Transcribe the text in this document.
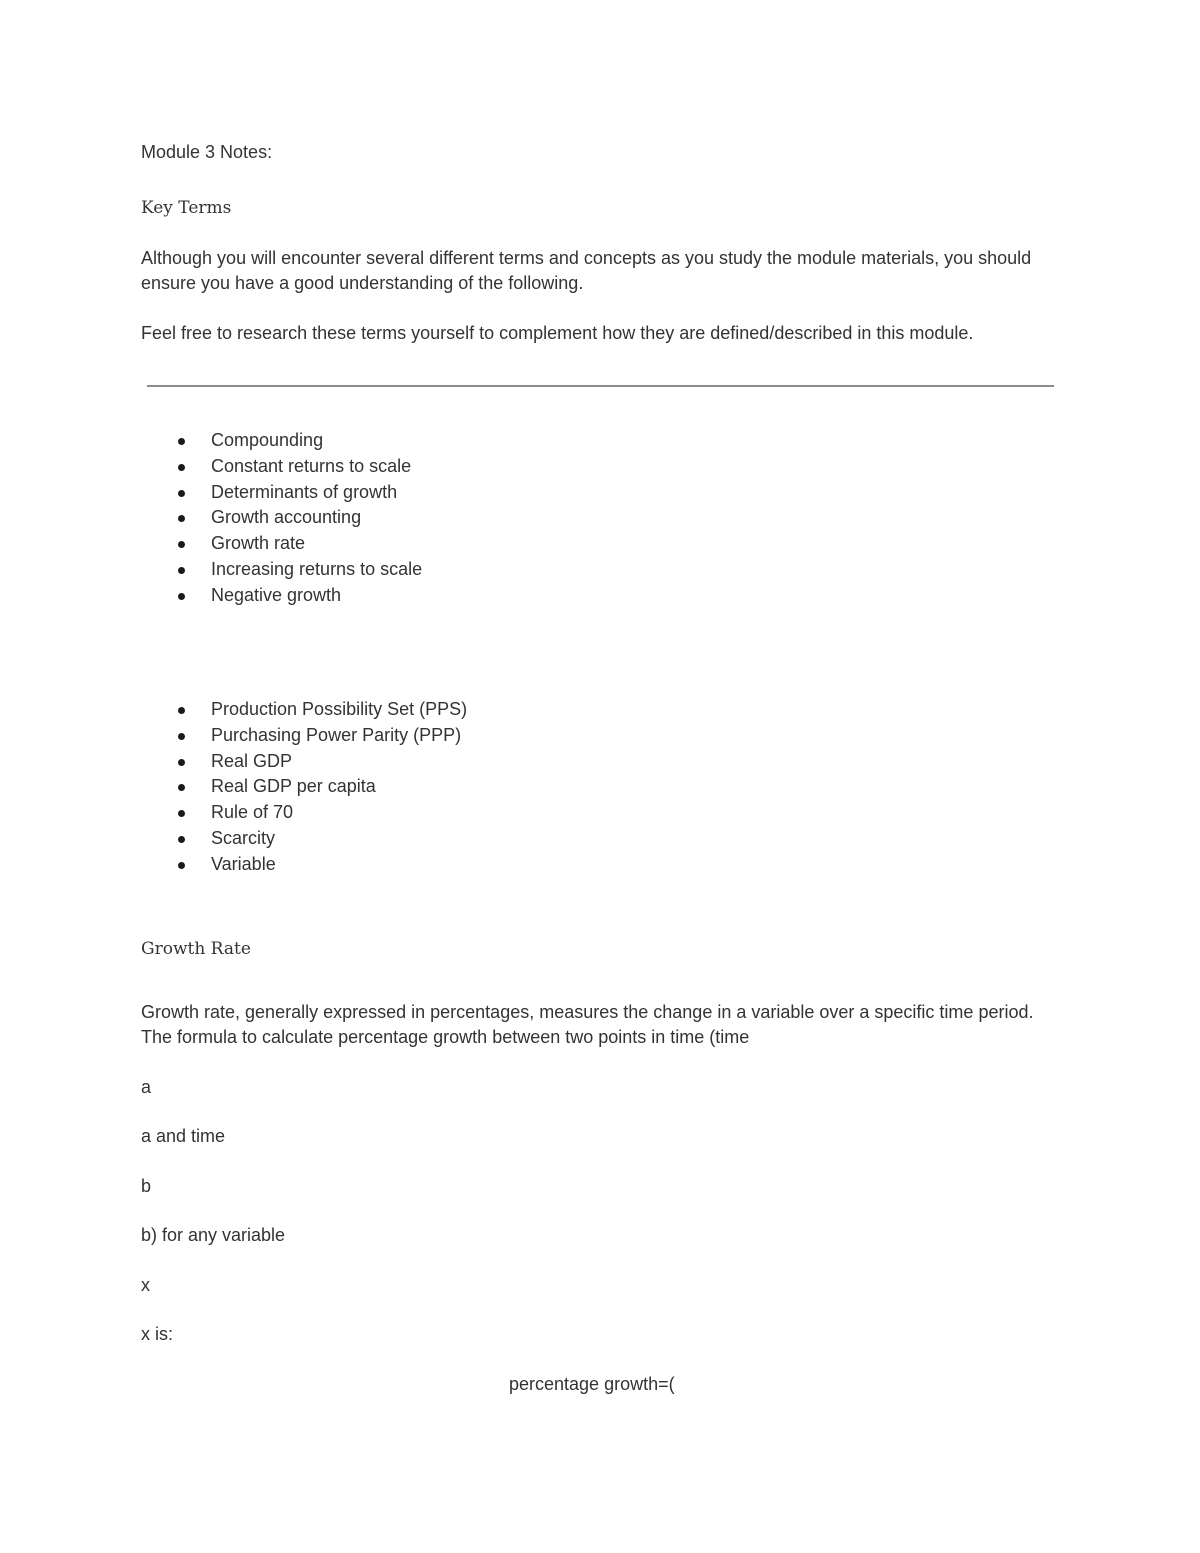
Module 3 Notes:
Key Terms
Although you will encounter several different terms and concepts as you study the module materials, you should ensure you have a good understanding of the following.
Feel free to research these terms yourself to complement how they are defined/described in this module.
Compounding
Constant returns to scale
Determinants of growth
Growth accounting
Growth rate
Increasing returns to scale
Negative growth
Production Possibility Set (PPS)
Purchasing Power Parity (PPP)
Real GDP
Real GDP per capita
Rule of 70
Scarcity
Variable
Growth Rate
Growth rate, generally expressed in percentages, measures the change in a variable over a specific time period. The formula to calculate percentage growth between two points in time (time
a
a and time
b
b) for any variable
x
x is:
percentage growth=(
